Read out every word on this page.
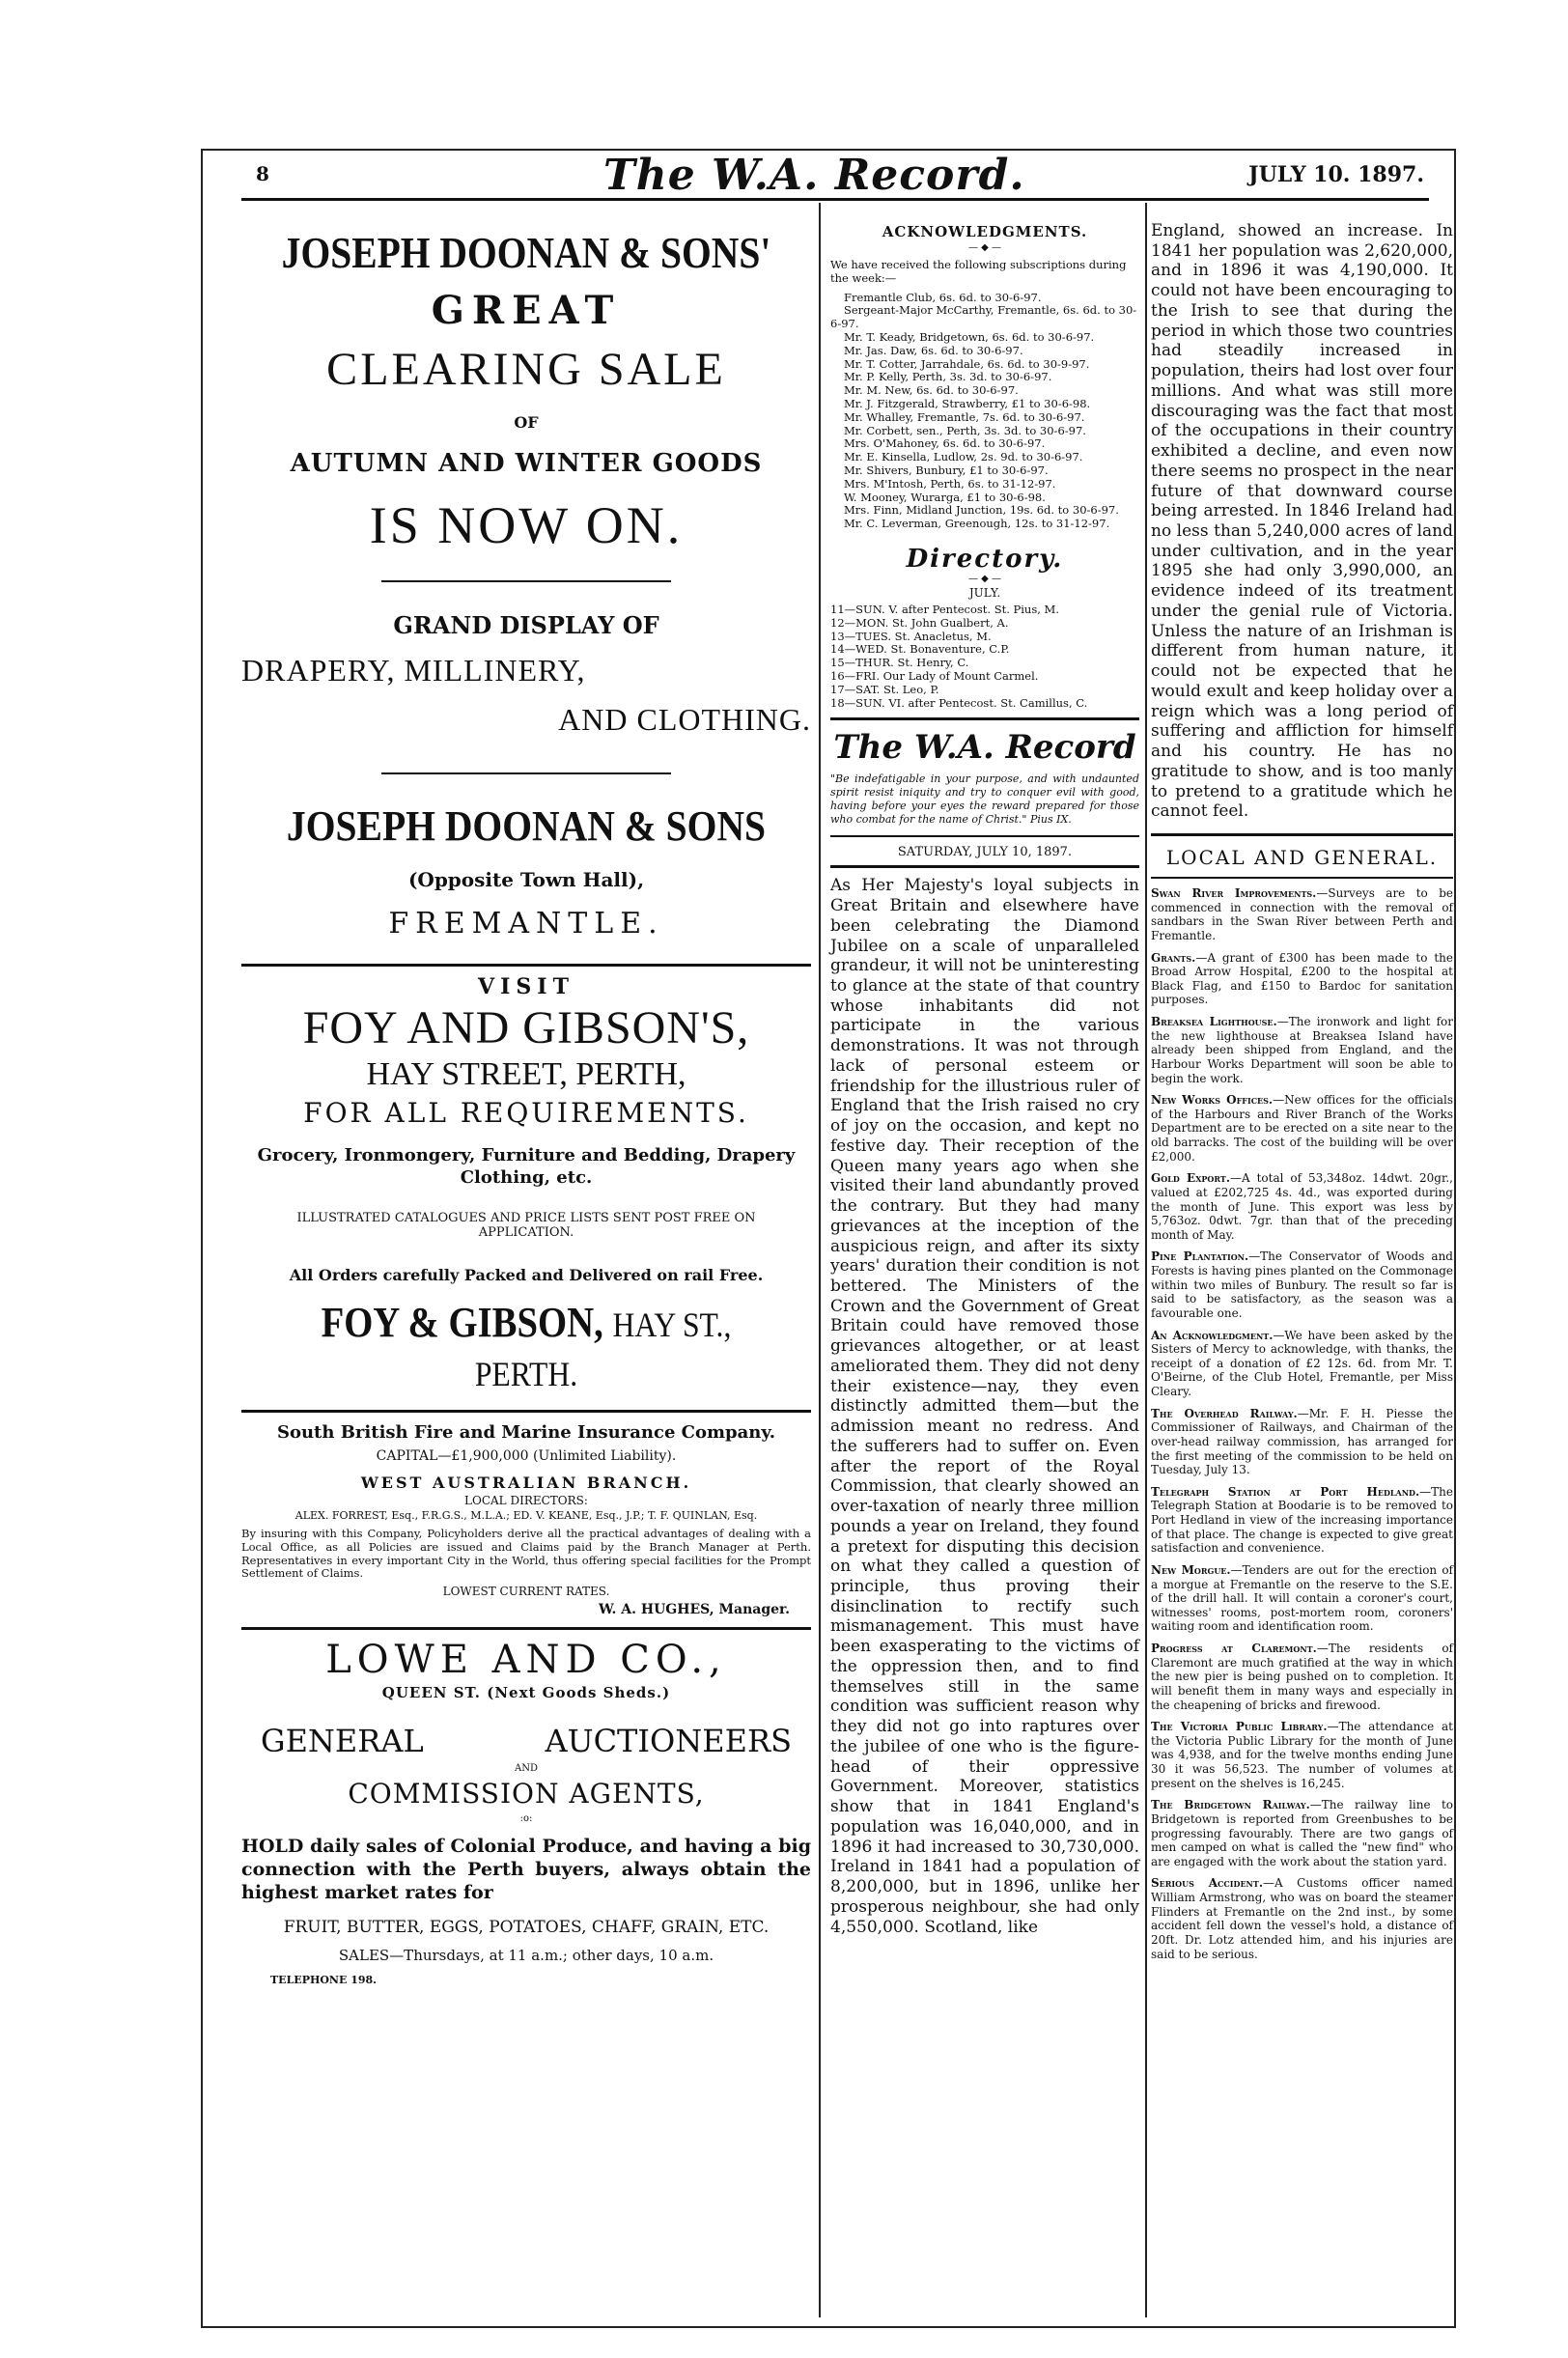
8	The W.A. Record.	JULY 10. 1897.

JOSEPH DOONAN & SONS'

GREAT

CLEARING SALE

OF

AUTUMN AND WINTER GOODS

IS NOW ON.

GRAND DISPLAY OF

DRAPERY, MILLINERY,

AND CLOTHING.

JOSEPH DOONAN & SONS

(Opposite Town Hall),

FREMANTLE.

VISIT

FOY AND GIBSON'S,

HAY STREET, PERTH,

FOR ALL REQUIREMENTS.

Grocery, Ironmongery, Furniture and Bedding, Drapery Clothing, etc.

ILLUSTRATED CATALOGUES AND PRICE LISTS SENT POST FREE ON APPLICATION.

All Orders carefully Packed and Delivered on rail Free.

FOY & GIBSON, HAY ST., PERTH.

South British Fire and Marine Insurance Company.

CAPITAL—£1,900,000 (Unlimited Liability).

WEST AUSTRALIAN BRANCH.

LOCAL DIRECTORS:

ALEX. FORREST, Esq., F.R.G.S., M.L.A.; ED. V. KEANE, Esq., J.P.; T. F. QUINLAN, Esq.

By insuring with this Company, Policyholders derive all the practical advantages of dealing with a Local Office, as all Policies are issued and Claims paid by the Branch Manager at Perth. Representatives in every important City in the World, thus offering special facilities for the Prompt Settlement of Claims.

LOWEST CURRENT RATES.

W. A. HUGHES, Manager.

LOWE AND CO.,

QUEEN ST. (Next Goods Sheds.)

GENERAL	AUCTIONEERS

AND

COMMISSION AGENTS,

:o:

HOLD daily sales of Colonial Produce, and having a big connection with the Perth buyers, always obtain the highest market rates for

FRUIT, BUTTER, EGGS, POTATOES, CHAFF, GRAIN, ETC.

SALES—Thursdays, at 11 a.m.; other days, 10 a.m.

TELEPHONE 198.

ACKNOWLEDGMENTS.

— ◆ —

We have received the following subscriptions during the week:—

Fremantle Club, 6s. 6d. to 30-6-97.

Sergeant-Major McCarthy, Fremantle, 6s. 6d. to 30-6-97.

Mr. T. Keady, Bridgetown, 6s. 6d. to 30-6-97.

Mr. Jas. Daw, 6s. 6d. to 30-6-97.

Mr. T. Cotter, Jarrahdale, 6s. 6d. to 30-9-97.

Mr. P. Kelly, Perth, 3s. 3d. to 30-6-97.

Mr. M. New, 6s. 6d. to 30-6-97.

Mr. J. Fitzgerald, Strawberry, £1 to 30-6-98.

Mr. Whalley, Fremantle, 7s. 6d. to 30-6-97.

Mr. Corbett, sen., Perth, 3s. 3d. to 30-6-97.

Mrs. O'Mahoney, 6s. 6d. to 30-6-97.

Mr. E. Kinsella, Ludlow, 2s. 9d. to 30-6-97.

Mr. Shivers, Bunbury, £1 to 30-6-97.

Mrs. M'Intosh, Perth, 6s. to 31-12-97.

W. Mooney, Wurarga, £1 to 30-6-98.

Mrs. Finn, Midland Junction, 19s. 6d. to 30-6-97.

Mr. C. Leverman, Greenough, 12s. to 31-12-97.

Directory.

— ◆ —

JULY.

11—SUN. V. after Pentecost. St. Pius, M.

12—MON. St. John Gualbert, A.

13—TUES. St. Anacletus, M.

14—WED. St. Bonaventure, C.P.

15—THUR. St. Henry, C.

16—FRI. Our Lady of Mount Carmel.

17—SAT. St. Leo, P.

18—SUN. VI. after Pentecost. St. Camillus, C.

The W.A. Record

"Be indefatigable in your purpose, and with undaunted spirit resist iniquity and try to conquer evil with good, having before your eyes the reward prepared for those who combat for the name of Christ." Pius IX.

SATURDAY, JULY 10, 1897.

As Her Majesty's loyal subjects in Great Britain and elsewhere have been celebrating the Diamond Jubilee on a scale of unparalleled grandeur, it will not be uninteresting to glance at the state of that country whose inhabitants did not participate in the various demonstrations. It was not through lack of personal esteem or friendship for the illustrious ruler of England that the Irish raised no cry of joy on the occasion, and kept no festive day. Their reception of the Queen many years ago when she visited their land abundantly proved the contrary. But they had many grievances at the inception of the auspicious reign, and after its sixty years' duration their condition is not bettered. The Ministers of the Crown and the Government of Great Britain could have removed those grievances altogether, or at least ameliorated them. They did not deny their existence—nay, they even distinctly admitted them—but the admission meant no redress. And the sufferers had to suffer on. Even after the report of the Royal Commission, that clearly showed an over-taxation of nearly three million pounds a year on Ireland, they found a pretext for disputing this decision on what they called a question of principle, thus proving their disinclination to rectify such mismanagement. This must have been exasperating to the victims of the oppression then, and to find themselves still in the same condition was sufficient reason why they did not go into raptures over the jubilee of one who is the figure-head of their oppressive Government. Moreover, statistics show that in 1841 England's population was 16,040,000, and in 1896 it had increased to 30,730,000. Ireland in 1841 had a population of 8,200,000, but in 1896, unlike her prosperous neighbour, she had only 4,550,000. Scotland, like

England, showed an increase. In 1841 her population was 2,620,000, and in 1896 it was 4,190,000. It could not have been encouraging to the Irish to see that during the period in which those two countries had steadily increased in population, theirs had lost over four millions. And what was still more discouraging was the fact that most of the occupations in their country exhibited a decline, and even now there seems no prospect in the near future of that downward course being arrested. In 1846 Ireland had no less than 5,240,000 acres of land under cultivation, and in the year 1895 she had only 3,990,000, an evidence indeed of its treatment under the genial rule of Victoria. Unless the nature of an Irishman is different from human nature, it could not be expected that he would exult and keep holiday over a reign which was a long period of suffering and affliction for himself and his country. He has no gratitude to show, and is too manly to pretend to a gratitude which he cannot feel.

LOCAL AND GENERAL.

Swan River Improvements.—Surveys are to be commenced in connection with the removal of sandbars in the Swan River between Perth and Fremantle.

Grants.—A grant of £300 has been made to the Broad Arrow Hospital, £200 to the hospital at Black Flag, and £150 to Bardoc for sanitation purposes.

Breaksea Lighthouse.—The ironwork and light for the new lighthouse at Breaksea Island have already been shipped from England, and the Harbour Works Department will soon be able to begin the work.

New Works Offices.—New offices for the officials of the Harbours and River Branch of the Works Department are to be erected on a site near to the old barracks. The cost of the building will be over £2,000.

Gold Export.—A total of 53,348oz. 14dwt. 20gr., valued at £202,725 4s. 4d., was exported during the month of June. This export was less by 5,763oz. 0dwt. 7gr. than that of the preceding month of May.

Pine Plantation.—The Conservator of Woods and Forests is having pines planted on the Commonage within two miles of Bunbury. The result so far is said to be satisfactory, as the season was a favourable one.

An Acknowledgment.—We have been asked by the Sisters of Mercy to acknowledge, with thanks, the receipt of a donation of £2 12s. 6d. from Mr. T. O'Beirne, of the Club Hotel, Fremantle, per Miss Cleary.

The Overhead Railway.—Mr. F. H. Piesse the Commissioner of Railways, and Chairman of the over-head railway commission, has arranged for the first meeting of the commission to be held on Tuesday, July 13.

Telegraph Station at Port Hedland.—The Telegraph Station at Boodarie is to be removed to Port Hedland in view of the increasing importance of that place. The change is expected to give great satisfaction and convenience.

New Morgue.—Tenders are out for the erection of a morgue at Fremantle on the reserve to the S.E. of the drill hall. It will contain a coroner's court, witnesses' rooms, post-mortem room, coroners' waiting room and identification room.

Progress at Claremont.—The residents of Claremont are much gratified at the way in which the new pier is being pushed on to completion. It will benefit them in many ways and especially in the cheapening of bricks and firewood.

The Victoria Public Library.—The attendance at the Victoria Public Library for the month of June was 4,938, and for the twelve months ending June 30 it was 56,523. The number of volumes at present on the shelves is 16,245.

The Bridgetown Railway.—The railway line to Bridgetown is reported from Greenbushes to be progressing favourably. There are two gangs of men camped on what is called the "new find" who are engaged with the work about the station yard.

Serious Accident.—A Customs officer named William Armstrong, who was on board the steamer Flinders at Fremantle on the 2nd inst., by some accident fell down the vessel's hold, a distance of 20ft. Dr. Lotz attended him, and his injuries are said to be serious.
